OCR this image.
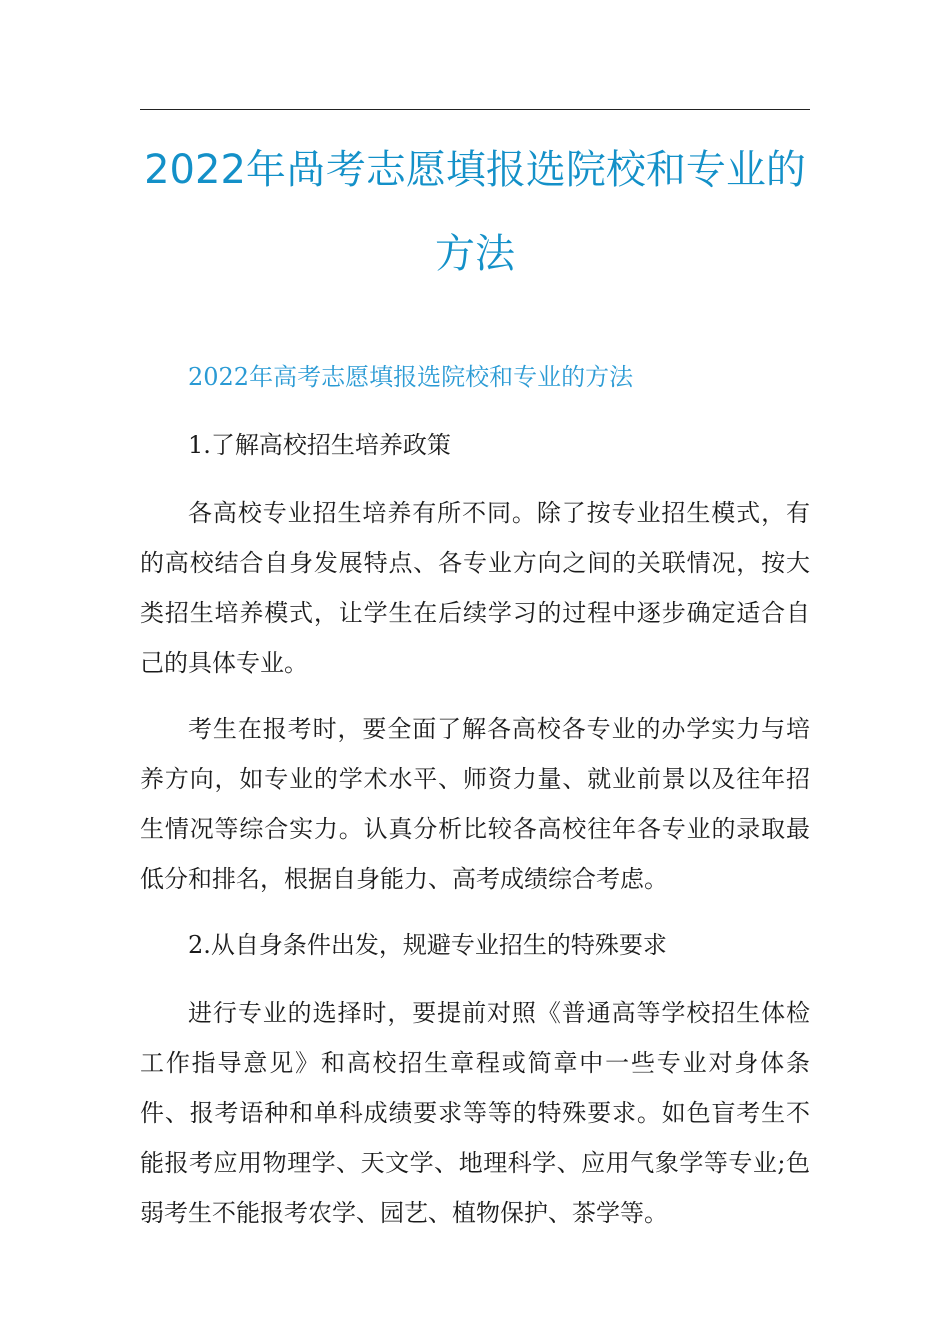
2022年咼考志愿填报选院校和专业的方法

2022年高考志愿填报选院校和专业的方法

1.了解高校招生培养政策

各高校专业招生培养有所不同。除了按专业招生模式，有的高校结合自身发展特点、各专业方向之间的关联情况，按大类招生培养模式，让学生在后续学习的过程中逐步确定适合自己的具体专业。

考生在报考时，要全面了解各高校各专业的办学实力与培养方向，如专业的学术水平、师资力量、就业前景以及往年招生情况等综合实力。认真分析比较各高校往年各专业的录取最低分和排名，根据自身能力、高考成绩综合考虑。

2.从自身条件出发，规避专业招生的特殊要求

进行专业的选择时，要提前对照《普通高等学校招生体检工作指导意见》和高校招生章程或简章中一些专业对身体条件、报考语种和单科成绩要求等等的特殊要求。如色盲考生不能报考应用物理学、天文学、地理科学、应用气象学等专业;色弱考生不能报考农学、园艺、植物保护、茶学等。
